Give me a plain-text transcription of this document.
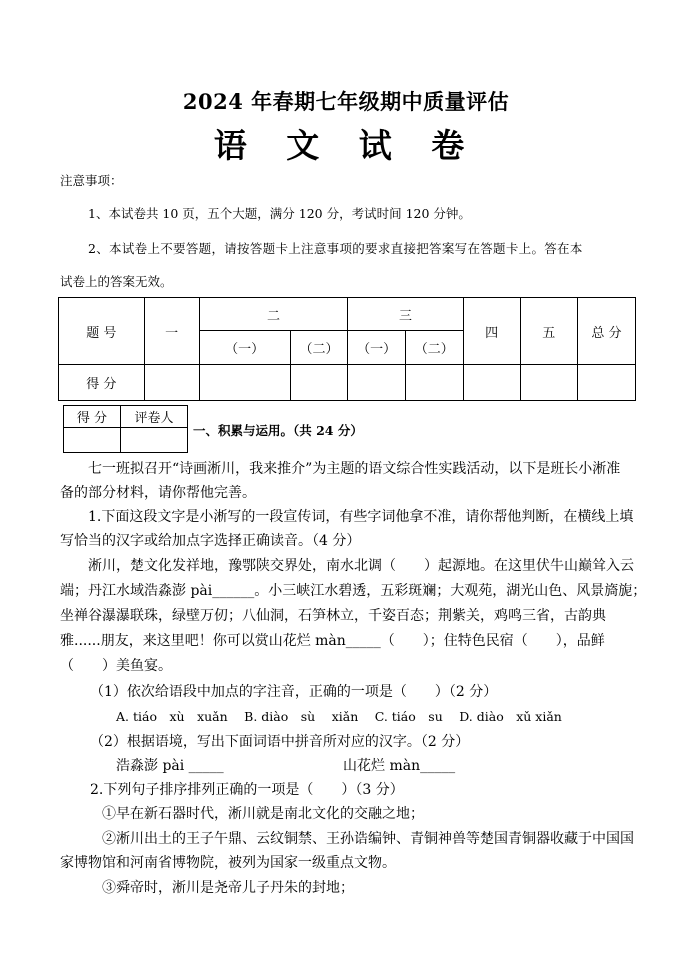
2024 年春期七年级期中质量评估
语 文 试 卷
注意事项：
1、本试卷共 10 页，五个大题，满分 120 分，考试时间 120 分钟。
2、本试卷上不要答题，请按答题卡上注意事项的要求直接把答案写在答题卡上。答在本
试卷上的答案无效。
题 号	一	二		三		四	五	总 分
		（一）	（二）	（一）	（二）			
得 分								
得 分	评卷人

一、积累与运用。（共 24 分）
七一班拟召开“诗画淅川，我来推介”为主题的语文综合性实践活动，以下是班长小淅准
备的部分材料，请你帮他完善。
1.下面这段文字是小淅写的一段宣传词，有些字词他拿不准，请你帮他判断，在横线上填
写恰当的汉字或给加点字选择正确读音。（4 分）
淅川，楚文化发祥地，豫鄂陕交界处，南水北调（　　）起源地。在这里伏牛山巅耸入云
端；丹江水域浩淼澎 pài______。小三峡江水碧透，五彩斑斓；大观苑，湖光山色、风景旖旎；
坐禅谷瀑瀑联珠，绿壁万仞；八仙洞，石笋林立，千姿百态；荆紫关，鸡鸣三省，古韵典
雅......朋友，来这里吧！你可以赏山花烂 màn_____（　　）；住特色民宿（　　），品鲜
（　　）美鱼宴。
（1）依次给语段中加点的字注音，正确的一项是（　　）（2 分）
A. tiáo　xù　xuǎn　 B. diào　sù　 xiǎn　 C. tiáo　su　 D. diào　xǔ xiǎn
（2）根据语境，写出下面词语中拼音所对应的汉字。（2 分）
浩淼澎 pài _____	山花烂 màn_____
2.下列句子排序排列正确的一项是（　　）（3 分）
①早在新石器时代，淅川就是南北文化的交融之地；
②淅川出土的王子午鼎、云纹铜禁、王孙诰编钟、青铜神兽等楚国青铜器收藏于中国国
家博物馆和河南省博物院，被列为国家一级重点文物。
③舜帝时，淅川是尧帝儿子丹朱的封地；
